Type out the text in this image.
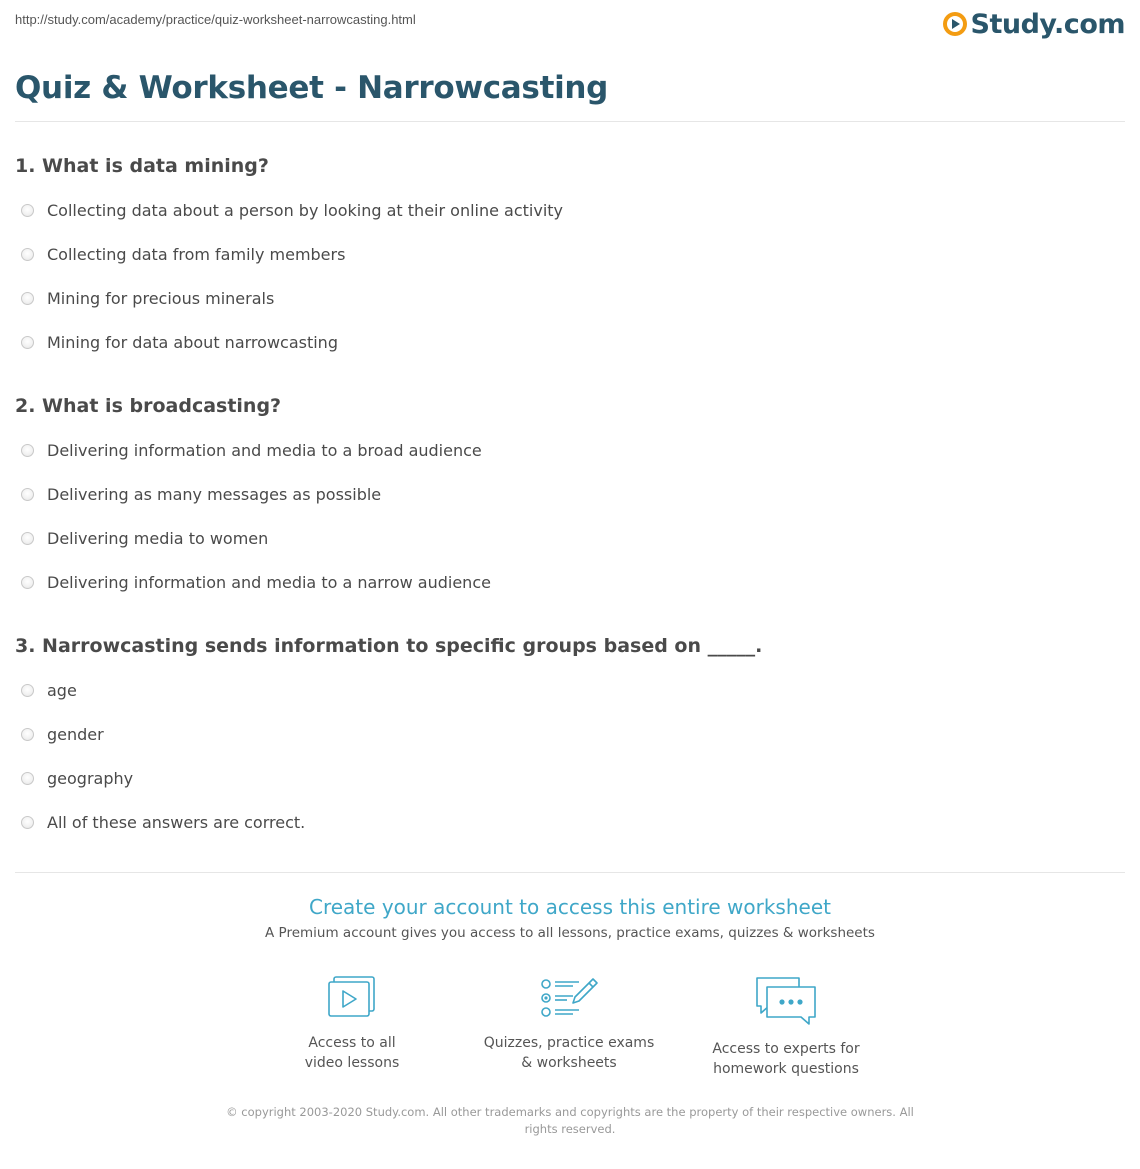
http://study.com/academy/practice/quiz-worksheet-narrowcasting.html	Study.com
Quiz & Worksheet - Narrowcasting
1. What is data mining?
Collecting data about a person by looking at their online activity
Collecting data from family members
Mining for precious minerals
Mining for data about narrowcasting
2. What is broadcasting?
Delivering information and media to a broad audience
Delivering as many messages as possible
Delivering media to women
Delivering information and media to a narrow audience
3. Narrowcasting sends information to specific groups based on _____.
age
gender
geography
All of these answers are correct.
Create your account to access this entire worksheet
A Premium account gives you access to all lessons, practice exams, quizzes & worksheets
Access to all
video lessons
Quizzes, practice exams
& worksheets
Access to experts for
homework questions
© copyright 2003-2020 Study.com. All other trademarks and copyrights are the property of their respective owners. All rights reserved.
